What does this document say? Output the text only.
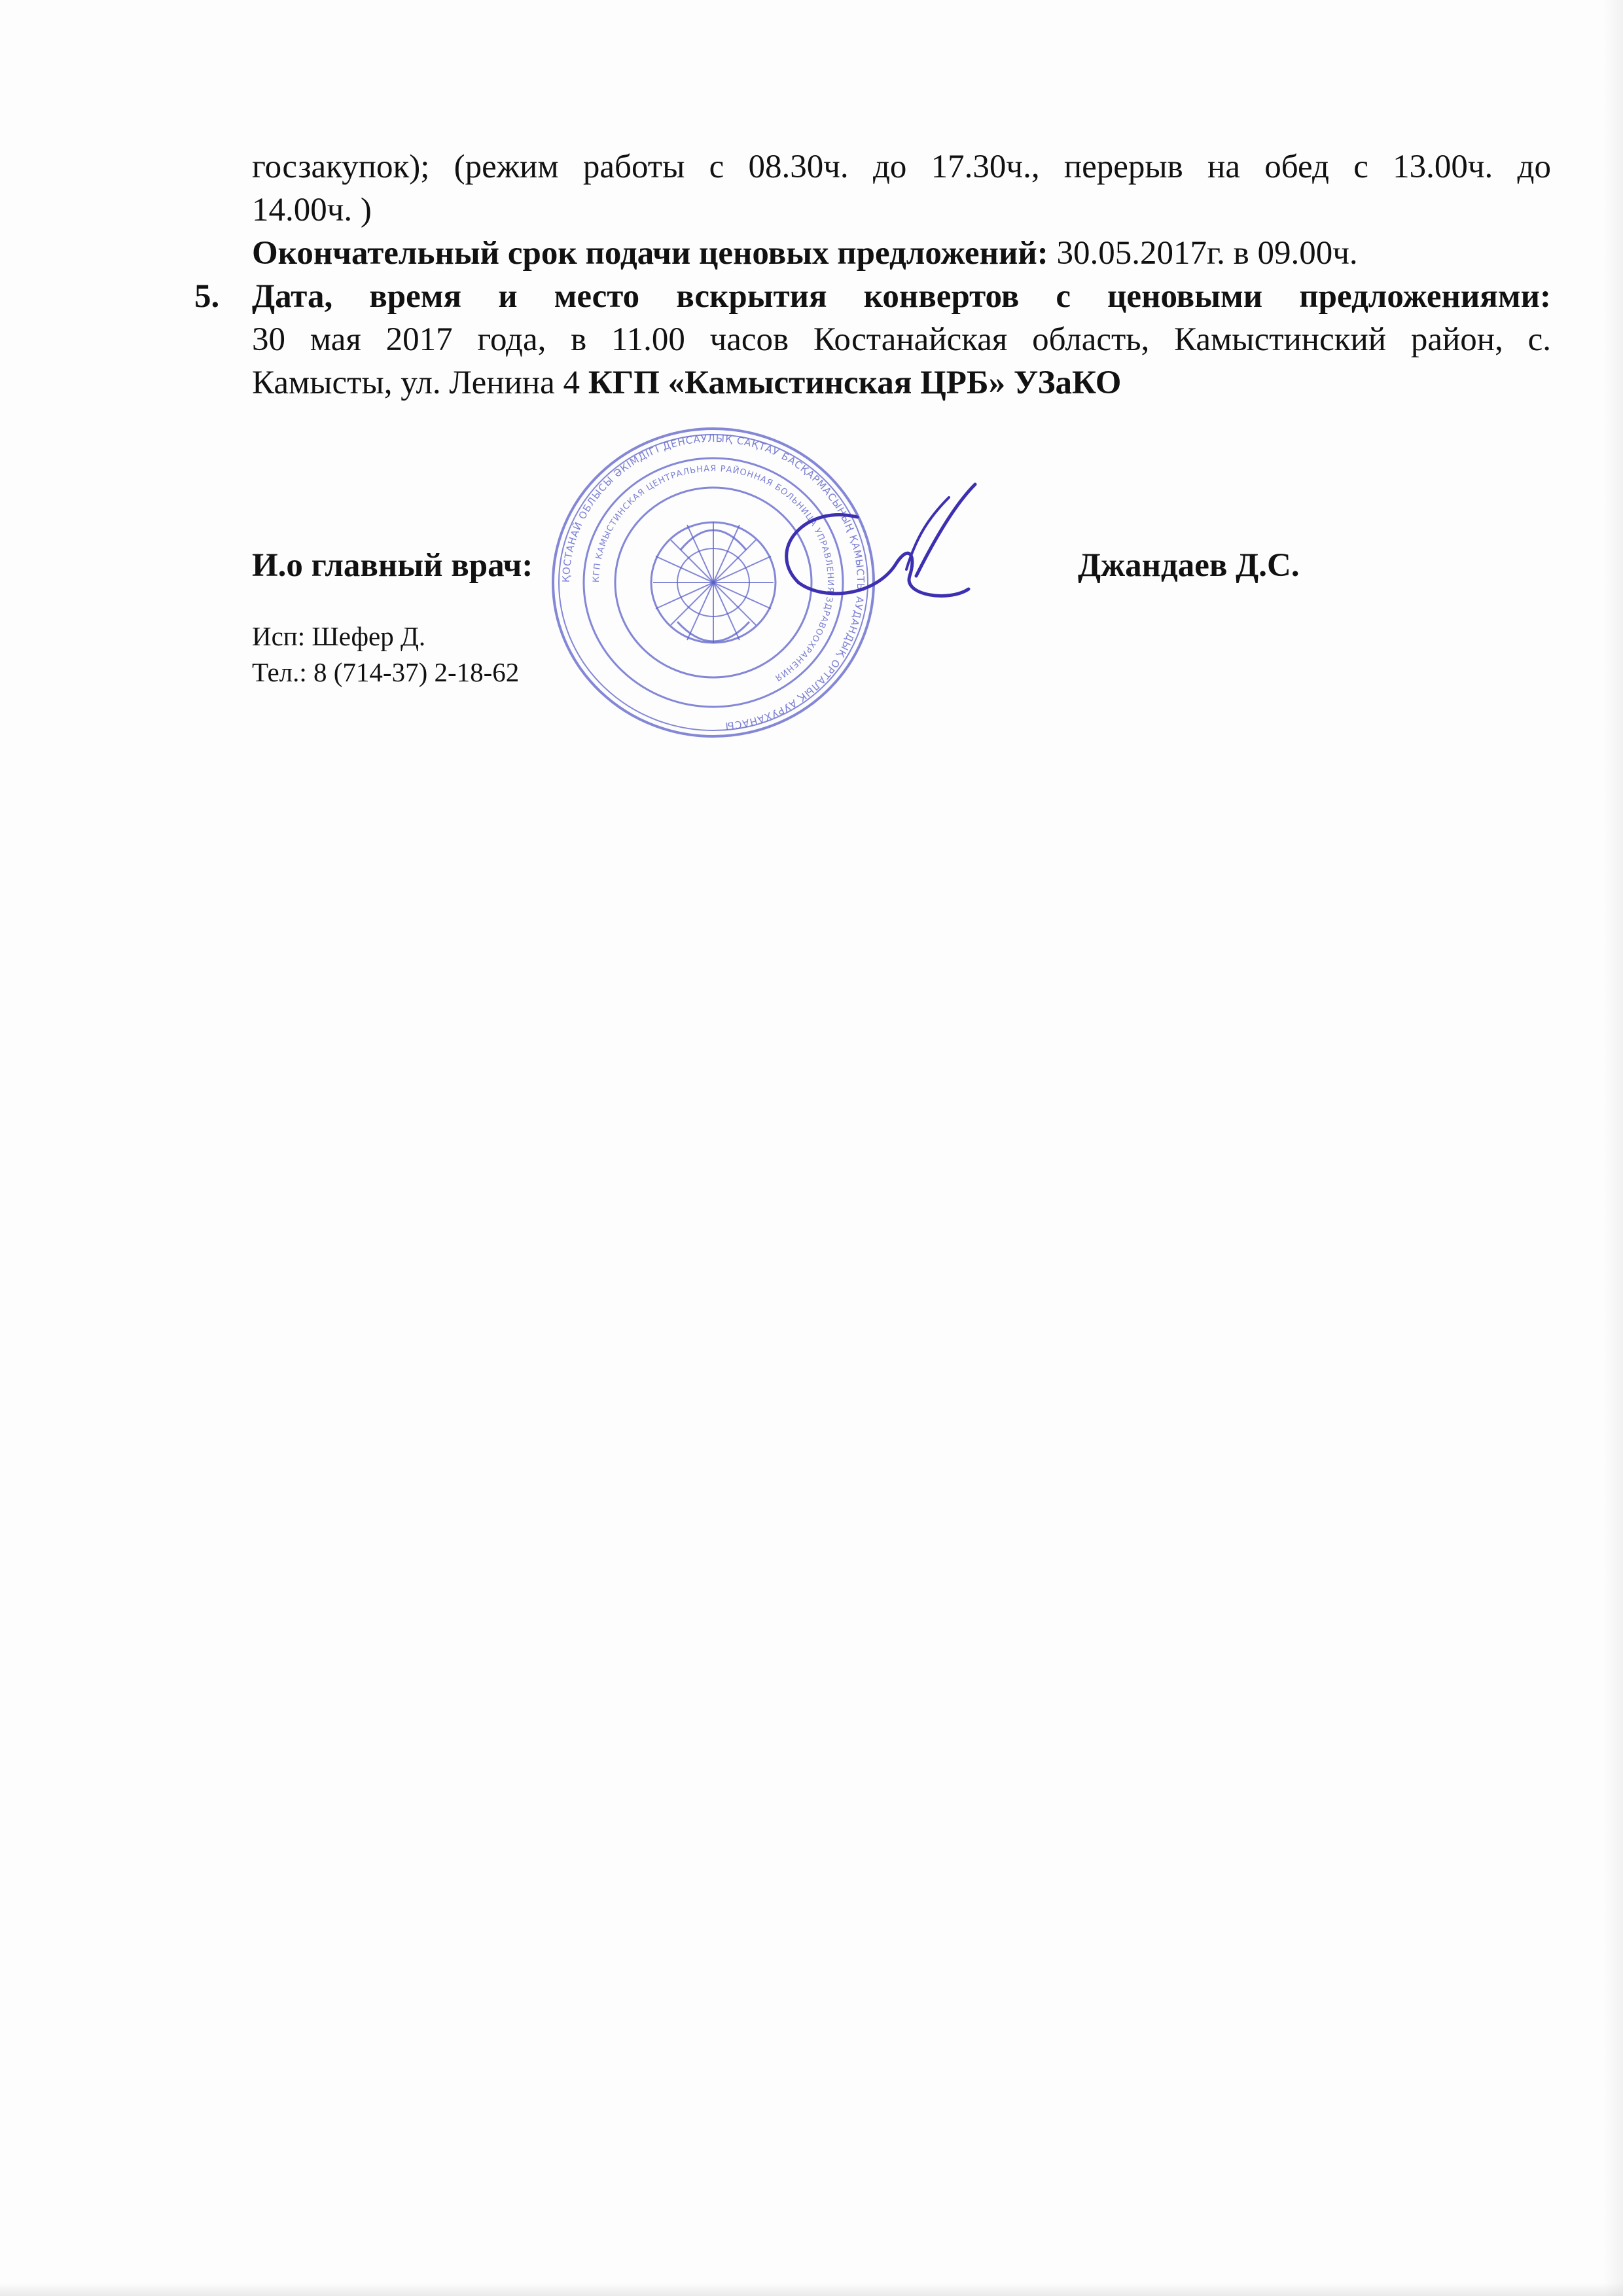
госзакупок); (режим работы с 08.30ч. до 17.30ч., перерыв на обед с 13.00ч. до
14.00ч. )
Окончательный срок подачи ценовых предложений: 30.05.2017г. в 09.00ч.
5. Дата, время и место вскрытия конвертов с ценовыми предложениями:
30 мая 2017 года, в 11.00 часов Костанайская область, Камыстинский район, с.
Камысты, ул. Ленина 4 КГП «Камыстинская ЦРБ» УЗаКО
ҚОСТАНАЙ ОБЛЫСЫ ӘКІМДІГІ ДЕНСАУЛЫҚ САҚТАУ БАСҚАРМАСЫНЫҢ ҚАМЫСТЫ АУДАНДЫҚ ОРТАЛЫҚ АУРУХАНАСЫ
КГП КАМЫСТИНСКАЯ ЦЕНТРАЛЬНАЯ РАЙОННАЯ БОЛЬНИЦА УПРАВЛЕНИЯ ЗДРАВООХРАНЕНИЯ
И.о главный врач:	Джандаев Д.С.
Исп: Шефер Д.
Тел.: 8 (714-37) 2-18-62
